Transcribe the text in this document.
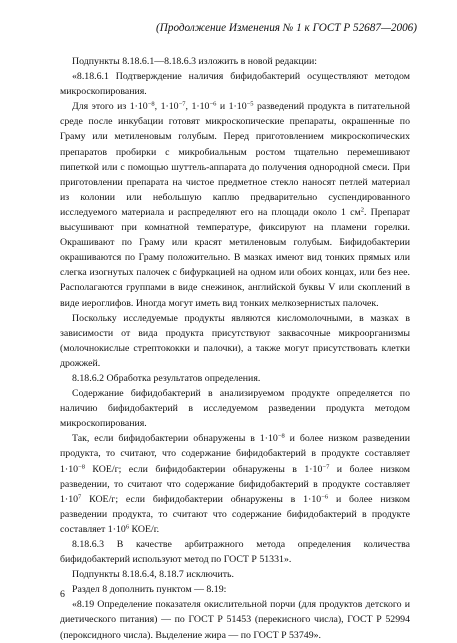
(Продолжение Изменения № 1 к ГОСТ Р 52687—2006)

Подпункты 8.18.6.1—8.18.6.3 изложить в новой редакции:

«8.18.6.1 Подтверждение наличия бифидобактерий осуществляют методом микроскопирования.

Для этого из $1\cdot 10^{-8}$, $1\cdot 10^{-7}$, $1\cdot 10^{-6}$ и $1\cdot 10^{-5}$ разведений продукта в питательной среде после инкубации готовят микроскопические препараты, окрашенные по Граму или метиленовым голубым. Перед приготовлением микроскопических препаратов пробирки с микробиальным ростом тщательно перемешивают пипеткой или с помощью шуттель-аппарата до получения однородной смеси. При приготовлении препарата на чистое предметное стекло наносят петлей материал из колонии или небольшую каплю предварительно суспендированного исследуемого материала и распределяют его на площади около 1 $см^2$. Препарат высушивают при комнатной температуре, фиксируют на пламени горелки. Окрашивают по Граму или красят метиленовым голубым. Бифидобактерии окрашиваются по Граму положительно. В мазках имеют вид тонких прямых или слегка изогнутых палочек с бифуркацией на одном или обоих концах, или без нее. Располагаются группами в виде снежинок, английской буквы V или скоплений в виде иероглифов. Иногда могут иметь вид тонких мелкозернистых палочек.

Поскольку исследуемые продукты являются кисломолочными, в мазках в зависимости от вида продукта присутствуют заквасочные микроорганизмы (молочнокислые стрептококки и палочки), а также могут присутствовать клетки дрожжей.

8.18.6.2 Обработка результатов определения.

Содержание бифидобактерий в анализируемом продукте определяется по наличию бифидобактерий в исследуемом разведении продукта методом микроскопирования.

Так, если бифидобактерии обнаружены в $1\cdot 10^{-8}$ и более низком разведении продукта, то считают, что содержание бифидобактерий в продукте составляет $1\cdot 10^{-8}$ КОЕ/г; если бифидобактерии обнаружены в $1\cdot 10^{-7}$ и более низком разведении, то считают что содержание бифидобактерий в продукте составляет $1\cdot 10^7$ КОЕ/г; если бифидобактерии обнаружены в $1\cdot 10^{-6}$ и более низком разведении продукта, то считают что содержание бифидобактерий в продукте составляет $1\cdot 10^6$ КОЕ/г.

8.18.6.3 В качестве арбитражного метода определения количества бифидобактерий используют метод по ГОСТ Р 51331».

Подпункты 8.18.6.4, 8.18.7 исключить.

Раздел 8 дополнить пунктом — 8.19:

«8.19 Определение показателя окислительной порчи (для продуктов детского и диетического питания) — по ГОСТ Р 51453 (перекисного числа), ГОСТ Р 52994 (пероксидного числа). Выделение жира — по ГОСТ Р 53749».

6
